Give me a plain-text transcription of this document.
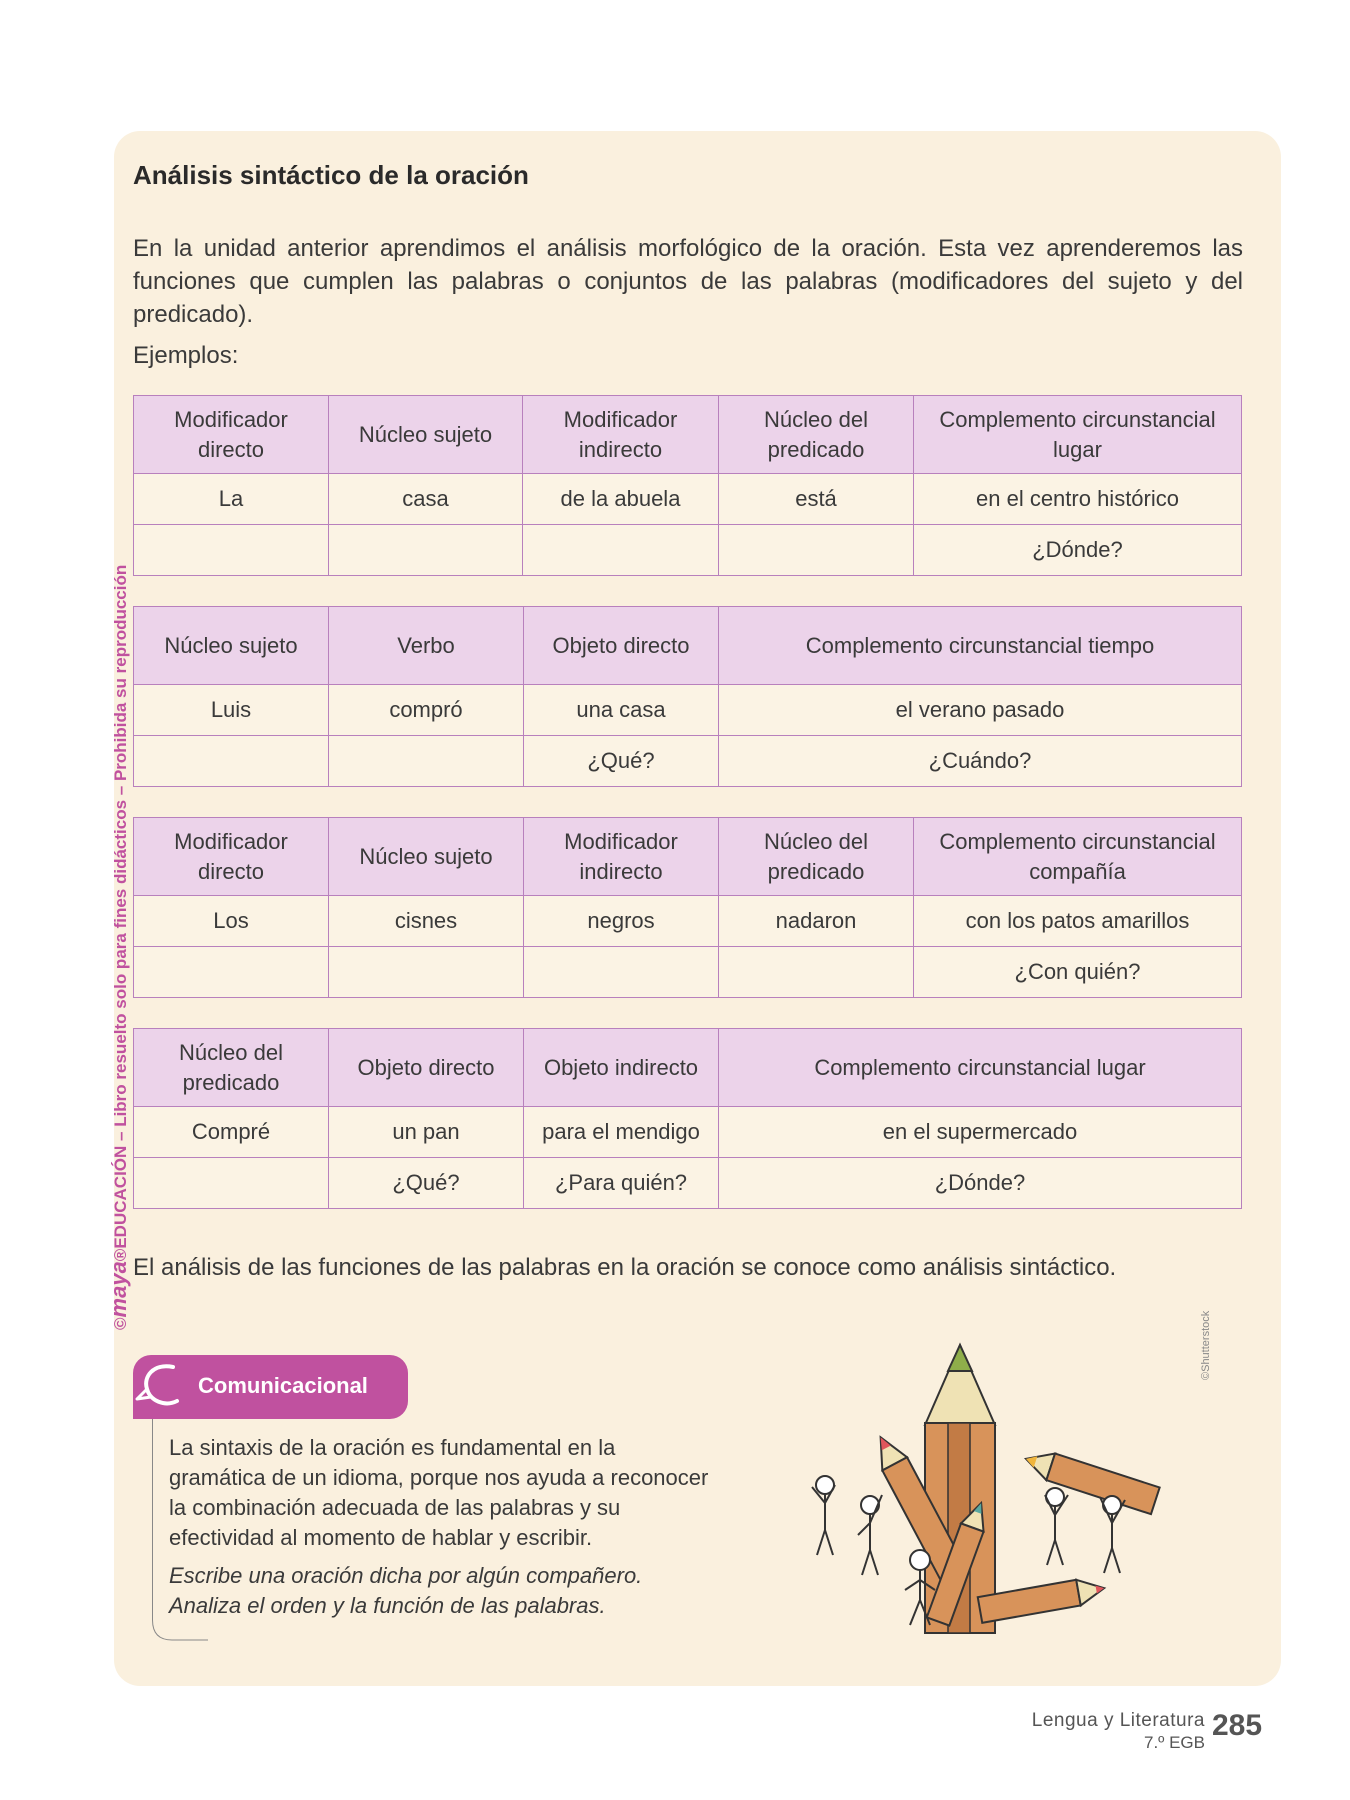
©maya®EDUCACIÓN – Libro resuelto solo para fines didácticos – Prohibida su reproducción
Análisis sintáctico de la oración

En la unidad anterior aprendimos el análisis morfológico de la oración. Esta vez aprenderemos las funciones que cumplen las palabras o conjuntos de las palabras (modificadores del sujeto y del predicado).

Ejemplos:

Modificador directo	Núcleo sujeto	Modificador indirecto	Núcleo del predicado	Complemento circunstancial lugar
La	casa	de la abuela	está	en el centro histórico
				¿Dónde?
Núcleo sujeto	Verbo	Objeto directo	Complemento circunstancial tiempo
Luis	compró	una casa	el verano pasado
		¿Qué?	¿Cuándo?
Modificador directo	Núcleo sujeto	Modificador indirecto	Núcleo del predicado	Complemento circunstancial compañía
Los	cisnes	negros	nadaron	con los patos amarillos
				¿Con quién?
Núcleo del predicado	Objeto directo	Objeto indirecto	Complemento circunstancial lugar
Compré	un pan	para el mendigo	en el supermercado
	¿Qué?	¿Para quién?	¿Dónde?

El análisis de las funciones de las palabras en la oración se conoce como análisis sintáctico.

Comunicacional

La sintaxis de la oración es fundamental en la gramática de un idioma, porque nos ayuda a reconocer la combinación adecuada de las palabras y su efectividad al momento de hablar y escribir.

Escribe una oración dicha por algún compañero. Analiza el orden y la función de las palabras.

©Shutterstock
Lengua y Literatura
7.º EGB
285
